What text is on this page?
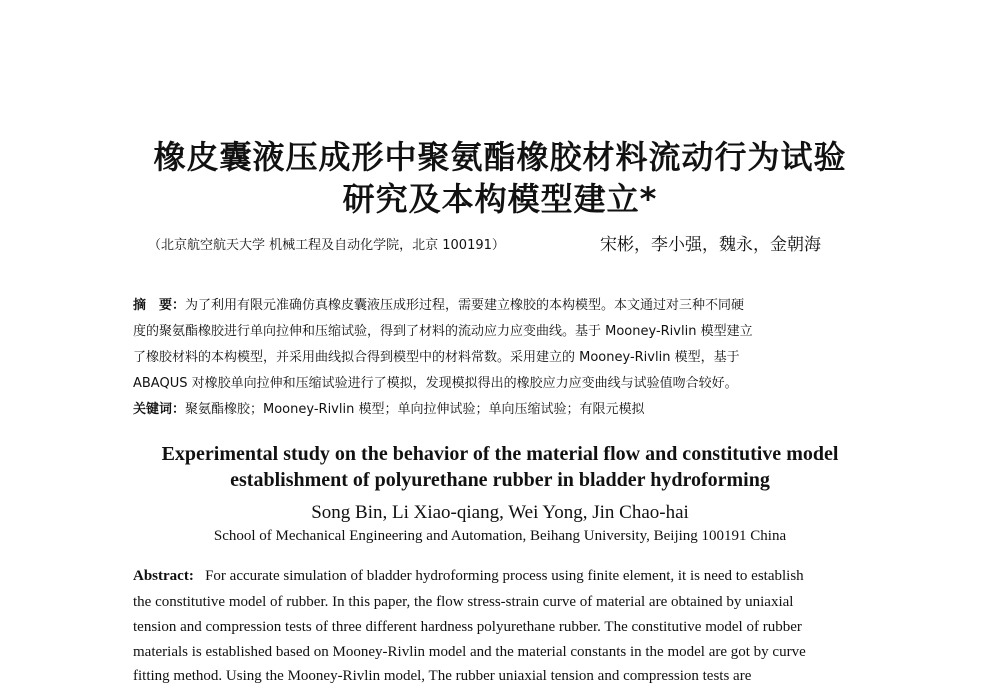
橡皮囊液压成形中聚氨酯橡胶材料流动行为试验
研究及本构模型建立*
（北京航空航天大学 机械工程及自动化学院，北京 100191）	宋彬，李小强，魏永，金朝海
摘　要：为了利用有限元准确仿真橡皮囊液压成形过程，需要建立橡胶的本构模型。本文通过对三种不同硬
度的聚氨酯橡胶进行单向拉伸和压缩试验，得到了材料的流动应力应变曲线。基于 Mooney-Rivlin 模型建立
了橡胶材料的本构模型，并采用曲线拟合得到模型中的材料常数。采用建立的 Mooney-Rivlin 模型，基于
ABAQUS 对橡胶单向拉伸和压缩试验进行了模拟，发现模拟得出的橡胶应力应变曲线与试验值吻合较好。
关键词：聚氨酯橡胶；Mooney-Rivlin 模型；单向拉伸试验；单向压缩试验；有限元模拟
Experimental study on the behavior of the material flow and constitutive model
establishment of polyurethane rubber in bladder hydroforming
Song Bin, Li Xiao-qiang, Wei Yong, Jin Chao-hai
School of Mechanical Engineering and Automation, Beihang University, Beijing 100191 China
Abstract: For accurate simulation of bladder hydroforming process using finite element, it is need to establish
the constitutive model of rubber. In this paper, the flow stress-strain curve of material are obtained by uniaxial
tension and compression tests of three different hardness polyurethane rubber. The constitutive model of rubber
materials is established based on Mooney-Rivlin model and the material constants in the model are got by curve
fitting method. Using the Mooney-Rivlin model, The rubber uniaxial tension and compression tests are
